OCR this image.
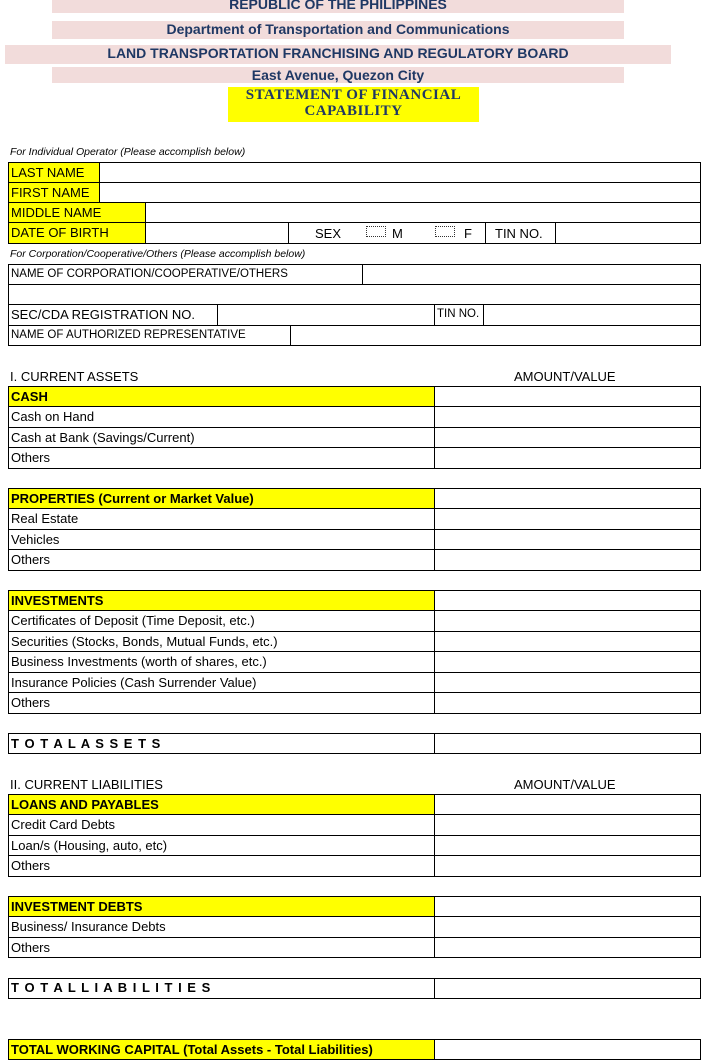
REPUBLIC OF THE PHILIPPINES
Department of Transportation and Communications
LAND TRANSPORTATION FRANCHISING AND REGULATORY BOARD
East Avenue, Quezon City
STATEMENT OF FINANCIAL
CAPABILITY
For Individual Operator (Please accomplish below)
LAST NAME
FIRST NAME
MIDDLE NAME
DATE OF BIRTH	SEX	M	F TIN NO.
For Corporation/Cooperative/Others (Please accomplish below)
NAME OF CORPORATION/COOPERATIVE/OTHERS
SEC/CDA REGISTRATION NO.	TIN NO.
NAME OF AUTHORIZED REPRESENTATIVE
I. CURRENT ASSETS	AMOUNT/VALUE
CASH
Cash on Hand
Cash at Bank (Savings/Current)
Others
PROPERTIES (Current or Market Value)
Real Estate
Vehicles
Others
INVESTMENTS
Certificates of Deposit (Time Deposit, etc.)
Securities (Stocks, Bonds, Mutual Funds, etc.)
Business Investments (worth of shares, etc.)
Insurance Policies (Cash Surrender Value)
Others
T O T A L A S S E T S
II. CURRENT LIABILITIES	AMOUNT/VALUE
LOANS AND PAYABLES
Credit Card Debts
Loan/s (Housing, auto, etc)
Others
INVESTMENT DEBTS
Business/ Insurance Debts
Others
T O T A L L I A B I L I T I E S
TOTAL WORKING CAPITAL (Total Assets - Total Liabilities)
